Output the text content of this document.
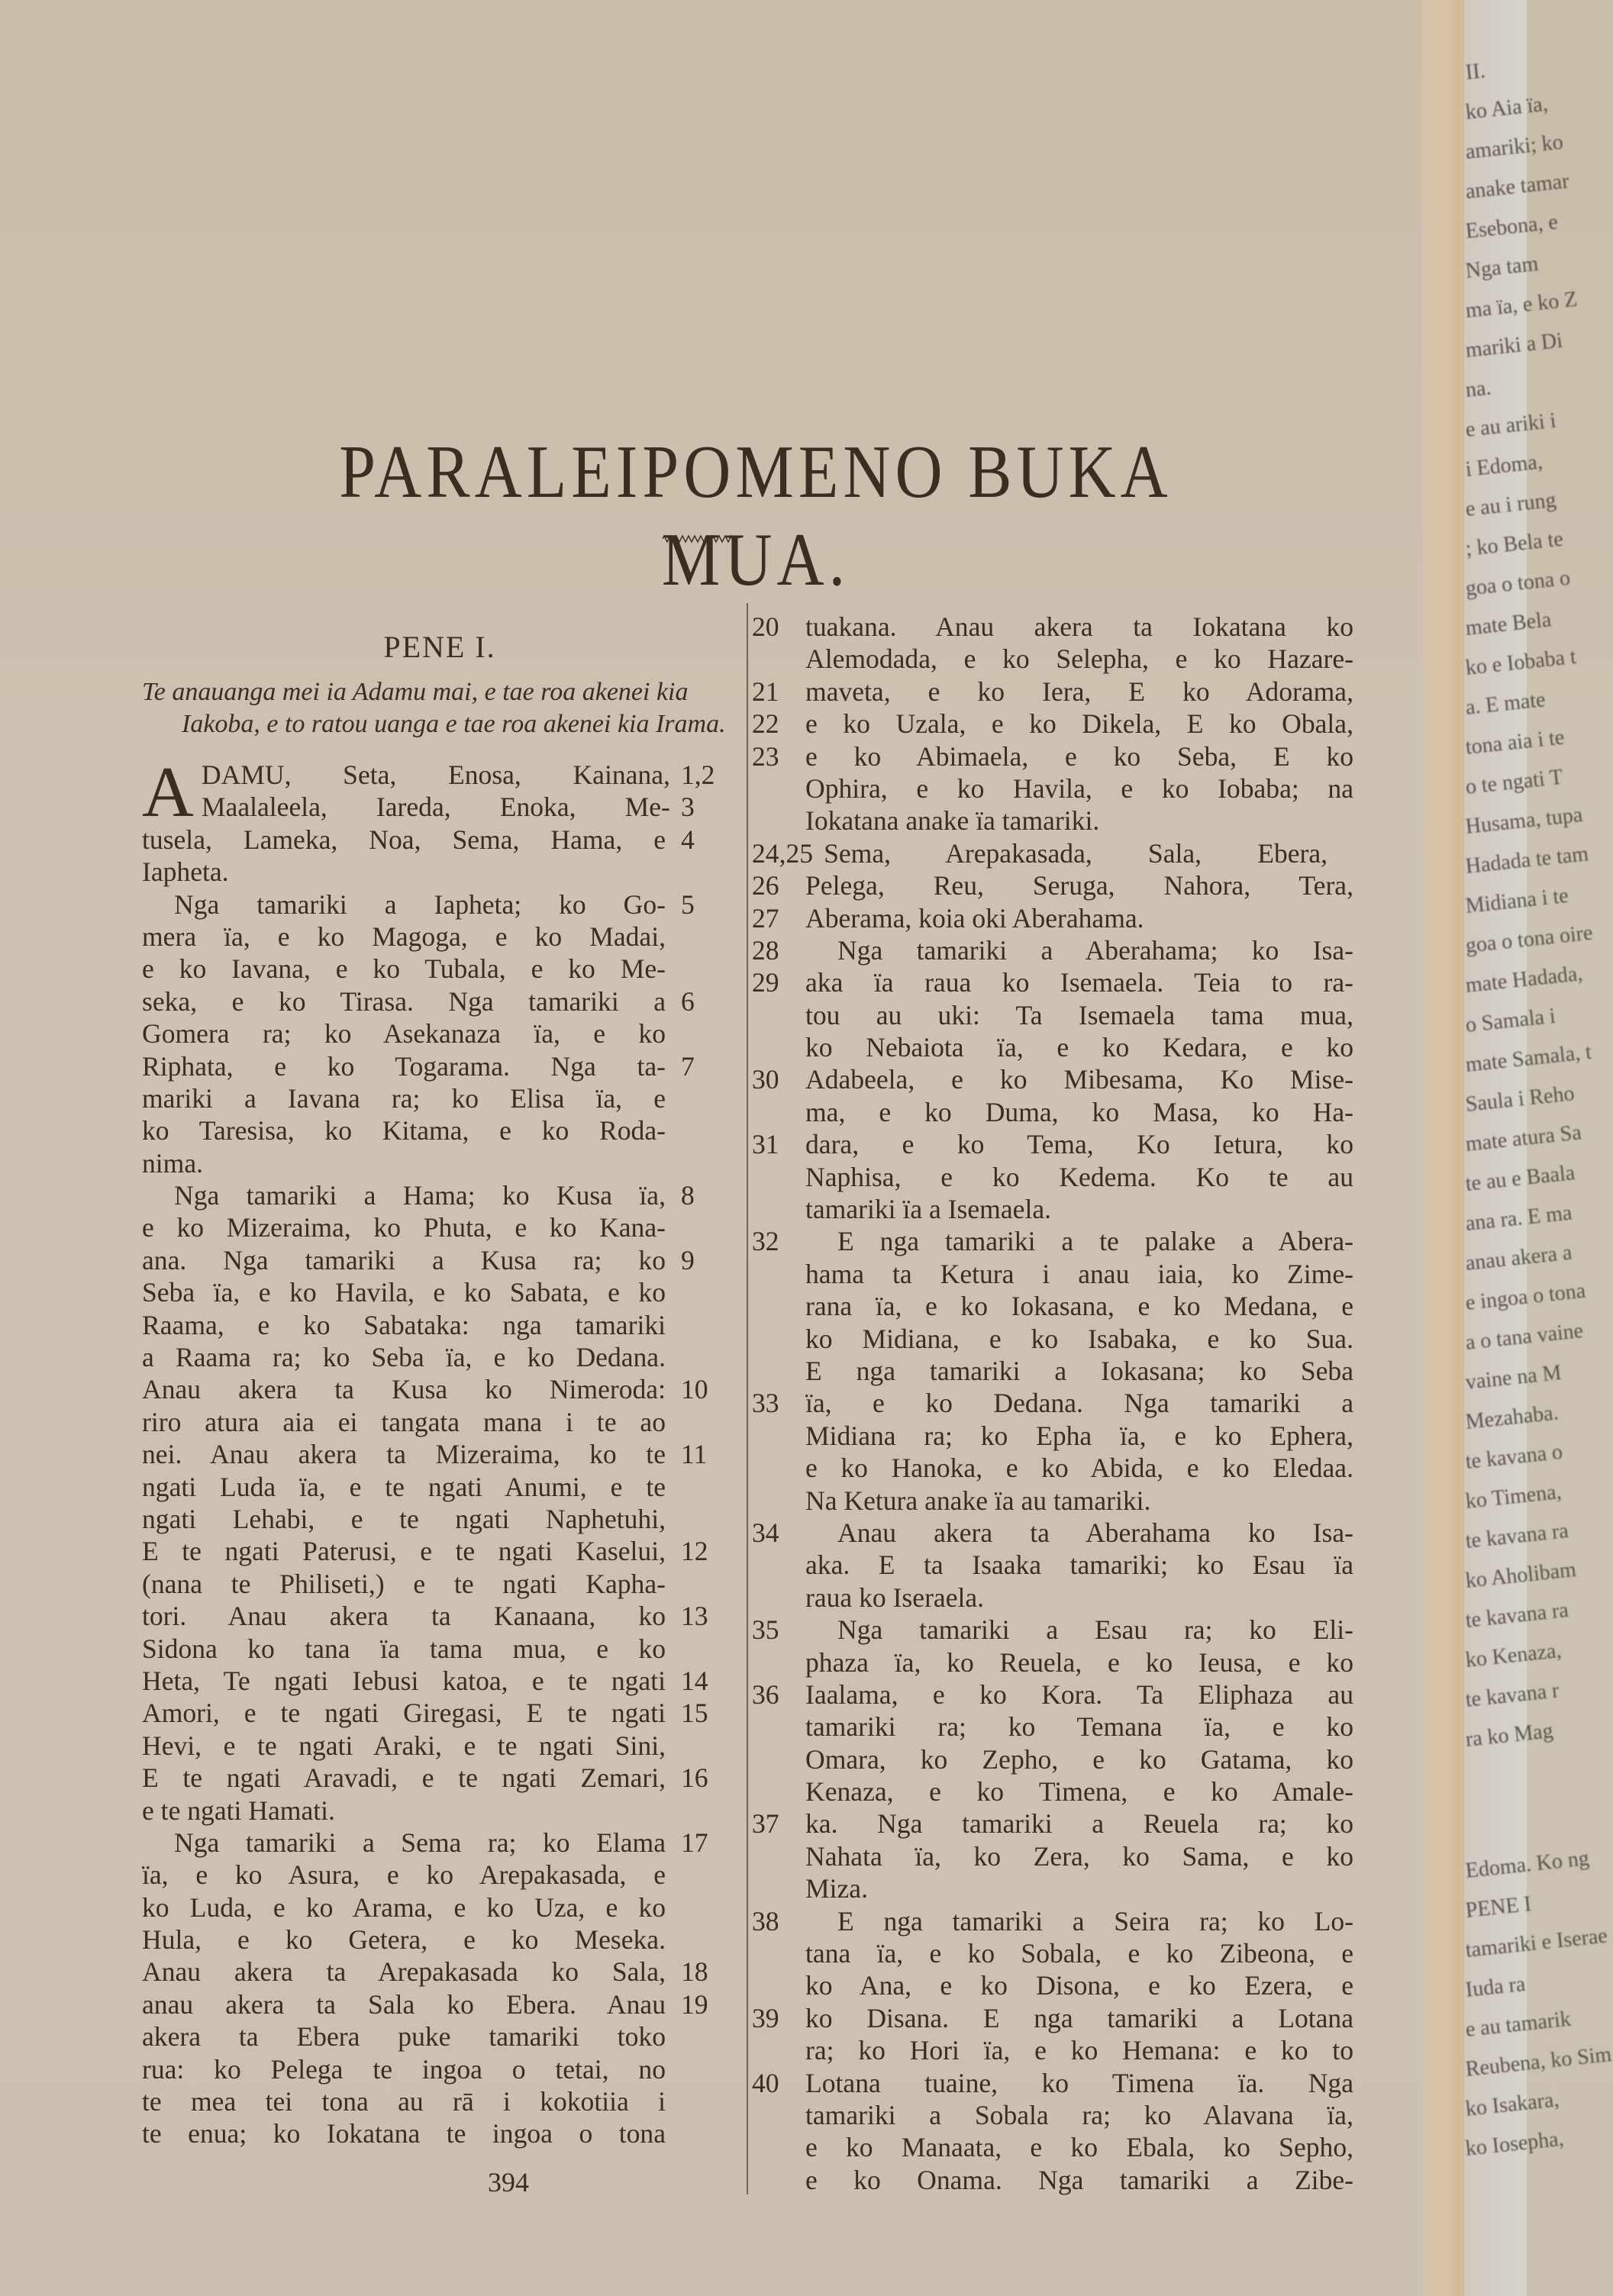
PARALEIPOMENO BUKA MUA.
PENE I.
Te anauanga mei ia Adamu mai, e tae roa akenei kia Iakoba, e to ratou uanga e tae roa akenei kia Irama.
A DAMU, Seta, Enosa, Kainana, 1,2
Maalaleela, Iareda, Enoka, Me- 3
tusela, Lameka, Noa, Sema, Hama, e 4
Iapheta.
Nga tamariki a Iapheta; ko Go- 5
mera ïa, e ko Magoga, e ko Madai,
e ko Iavana, e ko Tubala, e ko Me-
seka, e ko Tirasa. Nga tamariki a 6
Gomera ra; ko Asekanaza ïa, e ko
Riphata, e ko Togarama. Nga ta- 7
mariki a Iavana ra; ko Elisa ïa, e
ko Taresisa, ko Kitama, e ko Roda-
nima.
Nga tamariki a Hama; ko Kusa ïa, 8
e ko Mizeraima, ko Phuta, e ko Kana-
ana. Nga tamariki a Kusa ra; ko 9
Seba ïa, e ko Havila, e ko Sabata, e ko
Raama, e ko Sabataka: nga tamariki
a Raama ra; ko Seba ïa, e ko Dedana.
Anau akera ta Kusa ko Nimeroda: 10
riro atura aia ei tangata mana i te ao
nei. Anau akera ta Mizeraima, ko te 11
ngati Luda ïa, e te ngati Anumi, e te
ngati Lehabi, e te ngati Naphetuhi,
E te ngati Paterusi, e te ngati Kaselui, 12
(nana te Philiseti,) e te ngati Kapha-
tori. Anau akera ta Kanaana, ko 13
Sidona ko tana ïa tama mua, e ko
Heta, Te ngati Iebusi katoa, e te ngati 14
Amori, e te ngati Giregasi, E te ngati 15
Hevi, e te ngati Araki, e te ngati Sini,
E te ngati Aravadi, e te ngati Zemari, 16
e te ngati Hamati.
Nga tamariki a Sema ra; ko Elama 17
ïa, e ko Asura, e ko Arepakasada, e
ko Luda, e ko Arama, e ko Uza, e ko
Hula, e ko Getera, e ko Meseka.
Anau akera ta Arepakasada ko Sala, 18
anau akera ta Sala ko Ebera. Anau 19
akera ta Ebera puke tamariki toko
rua: ko Pelega te ingoa o tetai, no
te mea tei tona au rā i kokotiia i
te enua; ko Iokatana te ingoa o tona
20 tuakana. Anau akera ta Iokatana ko
Alemodada, e ko Selepha, e ko Hazare-
21 maveta, e ko Iera, E ko Adorama,
22 e ko Uzala, e ko Dikela, E ko Obala,
23 e ko Abimaela, e ko Seba, E ko
Ophira, e ko Havila, e ko Iobaba; na
Iokatana anake ïa tamariki.
24,25 Sema, Arepakasada, Sala, Ebera,
26 Pelega, Reu, Seruga, Nahora, Tera,
27 Aberama, koia oki Aberahama.
28	Nga tamariki a Aberahama; ko Isa-
29 aka ïa raua ko Isemaela. Teia to ra-
tou au uki: Ta Isemaela tama mua,
ko Nebaiota ïa, e ko Kedara, e ko
30 Adabeela, e ko Mibesama, Ko Mise-
ma, e ko Duma, ko Masa, ko Ha-
31 dara, e ko Tema, Ko Ietura, ko
Naphisa, e ko Kedema. Ko te au
tamariki ïa a Isemaela.
32	E nga tamariki a te palake a Abera-
hama ta Ketura i anau iaia, ko Zime-
rana ïa, e ko Iokasana, e ko Medana, e
ko Midiana, e ko Isabaka, e ko Sua.
E nga tamariki a Iokasana; ko Seba
33 ïa, e ko Dedana. Nga tamariki a
Midiana ra; ko Epha ïa, e ko Ephera,
e ko Hanoka, e ko Abida, e ko Eledaa.
Na Ketura anake ïa au tamariki.
34	Anau akera ta Aberahama ko Isa-
aka. E ta Isaaka tamariki; ko Esau ïa
raua ko Iseraela.
35	Nga tamariki a Esau ra; ko Eli-
phaza ïa, ko Reuela, e ko Ieusa, e ko
36 Iaalama, e ko Kora. Ta Eliphaza au
tamariki ra; ko Temana ïa, e ko
Omara, ko Zepho, e ko Gatama, ko
Kenaza, e ko Timena, e ko Amale-
37 ka. Nga tamariki a Reuela ra; ko
Nahata ïa, ko Zera, ko Sama, e ko
Miza.
38	E nga tamariki a Seira ra; ko Lo-
tana ïa, e ko Sobala, e ko Zibeona, e
ko Ana, e ko Disona, e ko Ezera, e
39 ko Disana. E nga tamariki a Lotana
ra; ko Hori ïa, e ko Hemana: e ko to
40 Lotana tuaine, ko Timena ïa. Nga
tamariki a Sobala ra; ko Alavana ïa,
e ko Manaata, e ko Ebala, ko Sepho,
e ko Onama. Nga tamariki a Zibe-
394
II.
ko Aia ïa,
amariki; ko
anake tamar
Esebona, e
Nga tam
ma ïa, e ko Z
mariki a Di
na.
e au ariki i
i Edoma,
e au i rung
; ko Bela te
goa o tona o
mate Bela
ko e Iobaba t
a. E mate
tona aia i te
o te ngati T
Husama, tupa
Hadada te tam
Midiana i te
goa o tona oire
mate Hadada,
o Samala i
mate Samala, t
Saula i Reho
mate atura Sa
te au e Baala
ana ra. E ma
anau akera a
e ingoa o tona
a o tana vaine
vaine na M
Mezahaba.
te kavana o
ko Timena,
te kavana ra
ko Aholibam
te kavana ra
ko Kenaza,
te kavana r
ra ko Mag
Edoma. Ko ng
PENE I
tamariki e Iserae
Iuda ra
e au tamarik
Reubena, ko Sim
ko Isakara,
ko Iosepha,
